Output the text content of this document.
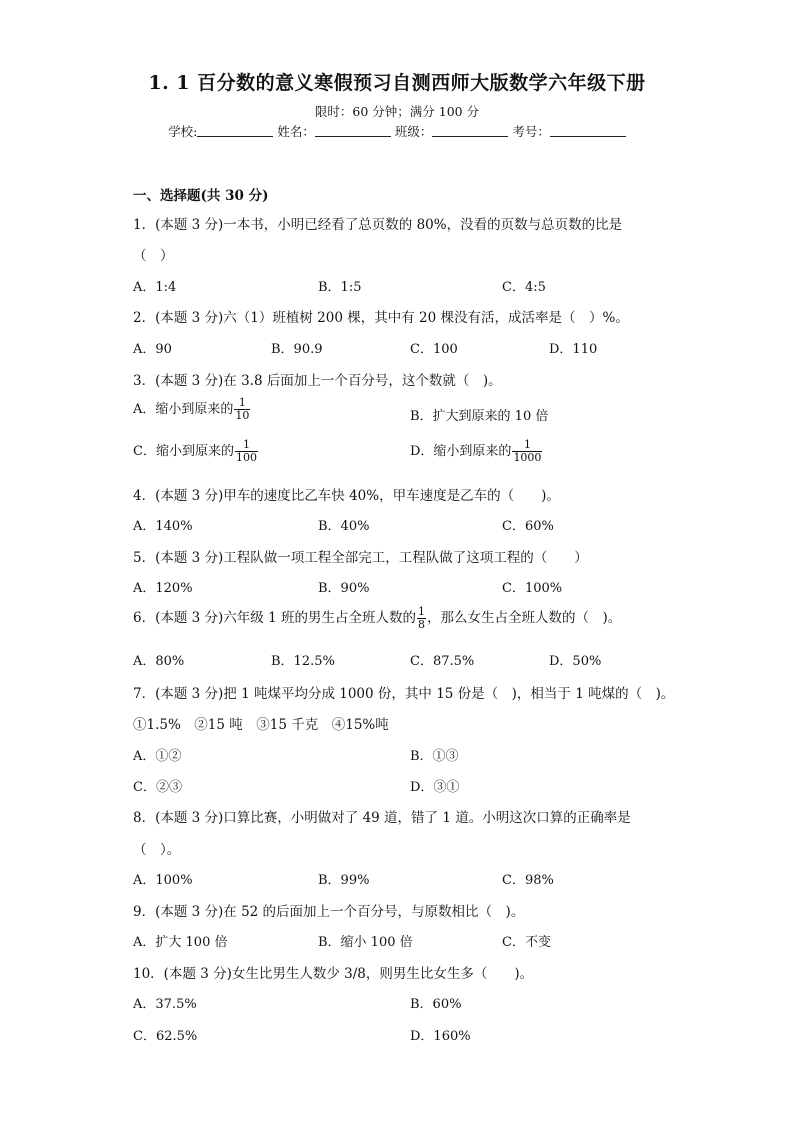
1. 1 百分数的意义寒假预习自测西师大版数学六年级下册
限时：60 分钟；满分 100 分
学校:	姓名：	班级：	考号：
一、选择题(共 30 分)
1．(本题 3 分)一本书，小明已经看了总页数的 80%，没看的页数与总页数的比是
（　）
A．1:4	B．1:5	C．4:5
2．(本题 3 分)六（1）班植树 200 棵，其中有 20 棵没有活，成活率是（　）%。
A．90	B．90.9	C．100	D．110
3．(本题 3 分)在 3.8 后面加上一个百分号，这个数就（　)。
A．缩小到原来的 $\frac{1}{10}$	B．扩大到原来的 10 倍
C．缩小到原来的 $\frac{1}{100}$	D．缩小到原来的 $\frac{1}{1000}$
4．(本题 3 分)甲车的速度比乙车快 40%，甲车速度是乙车的（　　)。
A．140%	B．40%	C．60%
5．(本题 3 分)工程队做一项工程全部完工，工程队做了这项工程的（　　）
A．120%	B．90%	C．100%
6．(本题 3 分)六年级 1 班的男生占全班人数的 $\frac{1}{8}$ ，那么女生占全班人数的（　)。
A．80%	B．12.5%	C．87.5%	D．50%
7．(本题 3 分)把 1 吨煤平均分成 1000 份，其中 15 份是（　)，相当于 1 吨煤的（　)。
①1.5%　②15 吨　③15 千克　④15%吨
A．①②	B．①③
C．②③	D．③①
8．(本题 3 分)口算比赛，小明做对了 49 道，错了 1 道。小明这次口算的正确率是
（　）。
A．100%	B．99%	C．98%
9．(本题 3 分)在 52 的后面加上一个百分号，与原数相比（　)。
A．扩大 100 倍	B．缩小 100 倍	C．不变
10．(本题 3 分)女生比男生人数少 3/8，则男生比女生多（　　)。
A．37.5%	B．60%
C．62.5%	D．160%
